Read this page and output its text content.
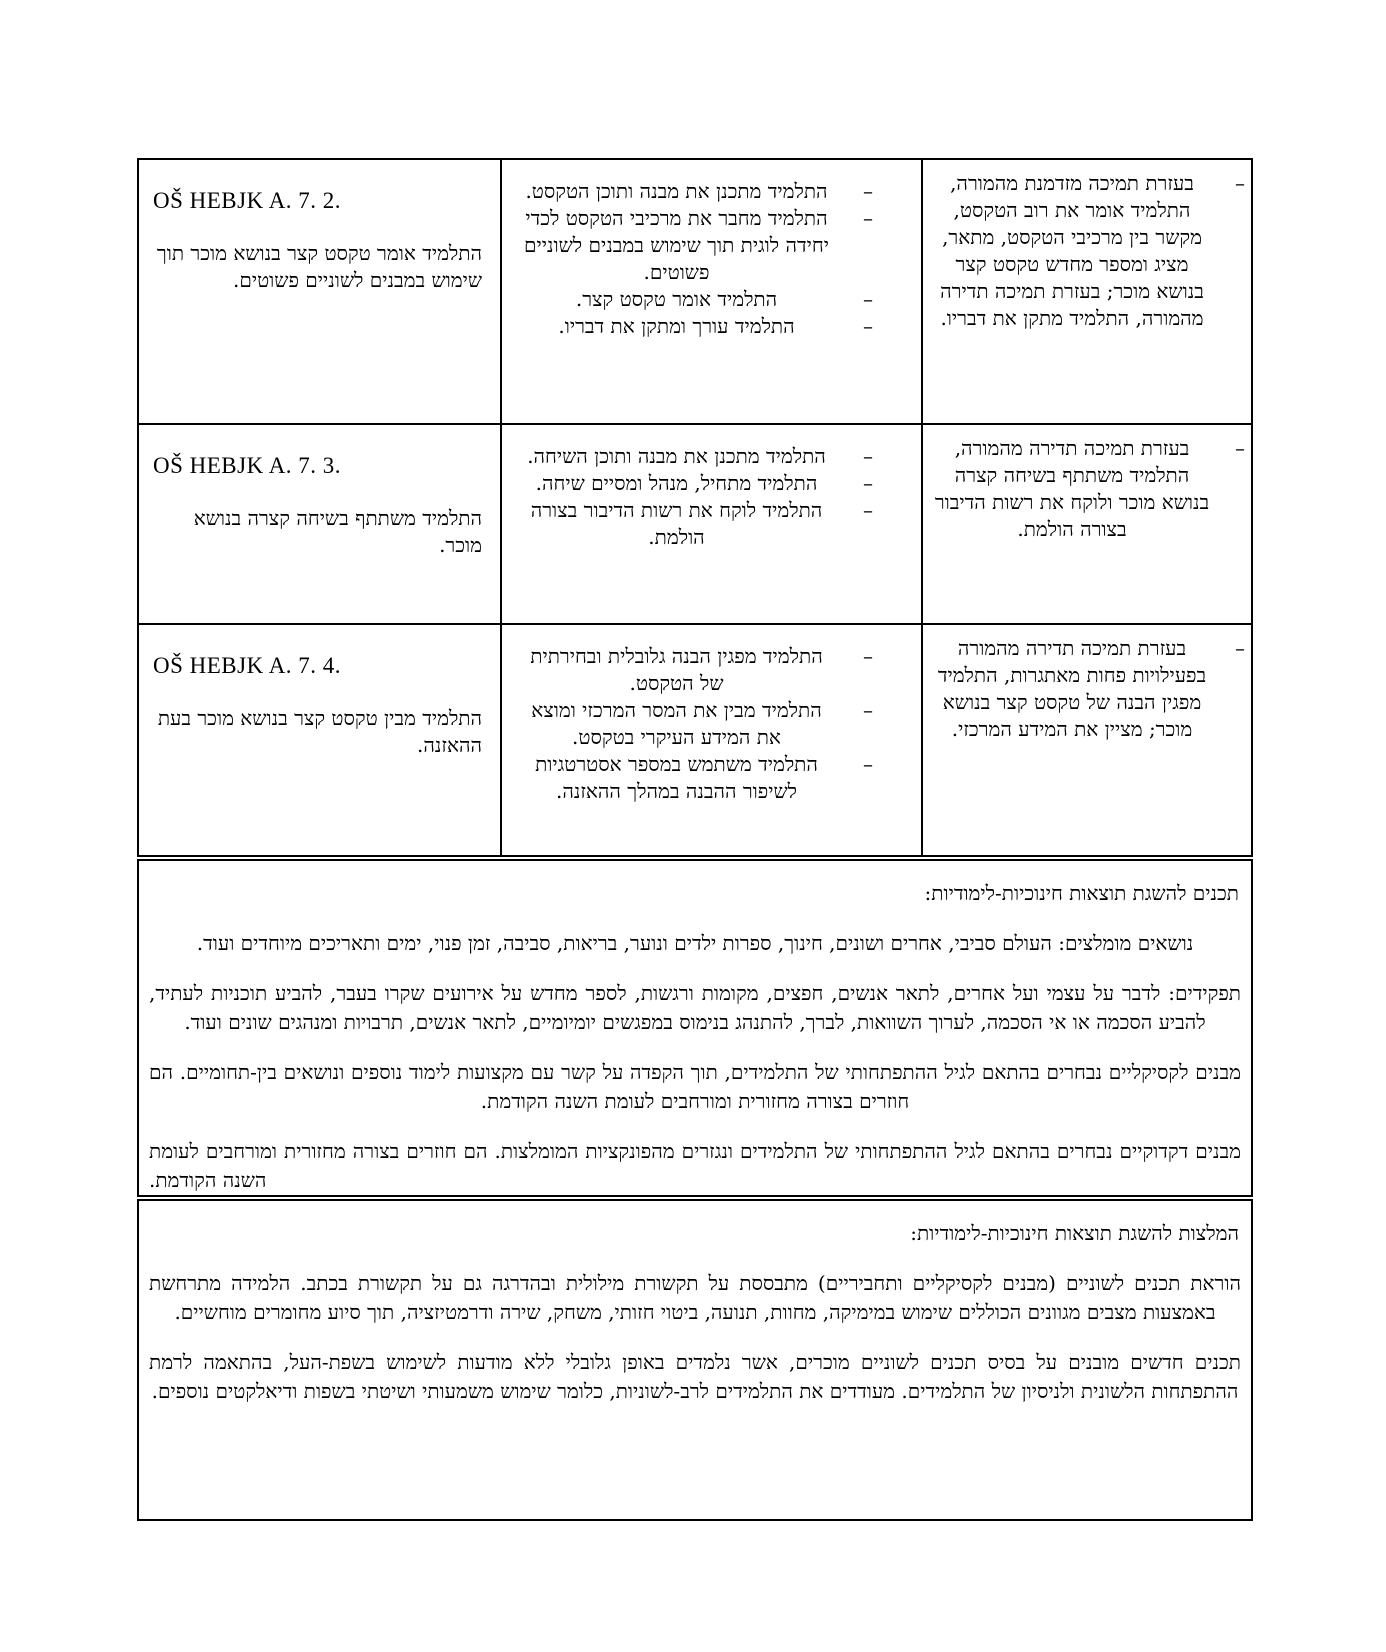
OŠ HEBJK A. 7. 2.

התלמיד אומר טקסט קצר בנושא מוכר תוך שימוש במבנים לשוניים פשוטים.

–
התלמיד מתכנן את מבנה ותוכן הטקסט.
–
התלמיד מחבר את מרכיבי הטקסט לכדי יחידה לוגית תוך שימוש במבנים לשוניים פשוטים.
–
התלמיד אומר טקסט קצר.
–
התלמיד עורך ומתקן את דבריו.
–
בעזרת תמיכה מזדמנת מהמורה, התלמיד אומר את רוב הטקסט, מקשר בין מרכיבי הטקסט, מתאר, מציג ומספר מחדש טקסט קצר בנושא מוכר; בעזרת תמיכה תדירה מהמורה, התלמיד מתקן את דבריו.
OŠ HEBJK A. 7. 3.

התלמיד משתתף בשיחה קצרה בנושא מוכר.

–
התלמיד מתכנן את מבנה ותוכן השיחה.
–
התלמיד מתחיל, מנהל ומסיים שיחה.
–
התלמיד לוקח את רשות הדיבור בצורה הולמת.
–
בעזרת תמיכה תדירה מהמורה, התלמיד משתתף בשיחה קצרה בנושא מוכר ולוקח את רשות הדיבור בצורה הולמת.
OŠ HEBJK A. 7. 4.

התלמיד מבין טקסט קצר בנושא מוכר בעת ההאזנה.

–
התלמיד מפגין הבנה גלובלית ובחירתית של הטקסט.
–
התלמיד מבין את המסר המרכזי ומוצא את המידע העיקרי בטקסט.
–
התלמיד משתמש במספר אסטרטגיות לשיפור ההבנה במהלך ההאזנה.
–
בעזרת תמיכה תדירה מהמורה בפעילויות פחות מאתגרות, התלמיד מפגין הבנה של טקסט קצר בנושא מוכר; מציין את המידע המרכזי.
תכנים להשגת תוצאות חינוכיות-לימודיות:

נושאים מומלצים: העולם סביבי, אחרים ושונים, חינוך, ספרות ילדים ונוער, בריאות, סביבה, זמן פנוי, ימים ותאריכים מיוחדים ועוד.

תפקידים: לדבר על עצמי ועל אחרים, לתאר אנשים, חפצים, מקומות ורגשות, לספר מחדש על אירועים שקרו בעבר, להביע תוכניות לעתיד, להביע הסכמה או אי הסכמה, לערוך השוואות, לברך, להתנהג בנימוס במפגשים יומיומיים, לתאר אנשים, תרבויות ומנהגים שונים ועוד.

מבנים לקסיקליים נבחרים בהתאם לגיל ההתפתחותי של התלמידים, תוך הקפדה על קשר עם מקצועות לימוד נוספים ונושאים בין-תחומיים. הם חוזרים בצורה מחזורית ומורחבים לעומת השנה הקודמת.

מבנים דקדוקיים נבחרים בהתאם לגיל ההתפתחותי של התלמידים ונגזרים מהפונקציות המומלצות. הם חוזרים בצורה מחזורית ומורחבים לעומת השנה הקודמת.

המלצות להשגת תוצאות חינוכיות-לימודיות:

הוראת תכנים לשוניים (מבנים לקסיקליים ותחביריים) מתבססת על תקשורת מילולית ובהדרגה גם על תקשורת בכתב. הלמידה מתרחשת באמצעות מצבים מגוונים הכוללים שימוש במימיקה, מחוות, תנועה, ביטוי חזותי, משחק, שירה ודרמטיזציה, תוך סיוע מחומרים מוחשיים.

תכנים חדשים מובנים על בסיס תכנים לשוניים מוכרים, אשר נלמדים באופן גלובלי ללא מודעות לשימוש בשפת-העל, בהתאמה לרמת ההתפתחות הלשונית ולניסיון של התלמידים. מעודדים את התלמידים לרב-לשוניות, כלומר שימוש משמעותי ושיטתי בשפות ודיאלקטים נוספים.
